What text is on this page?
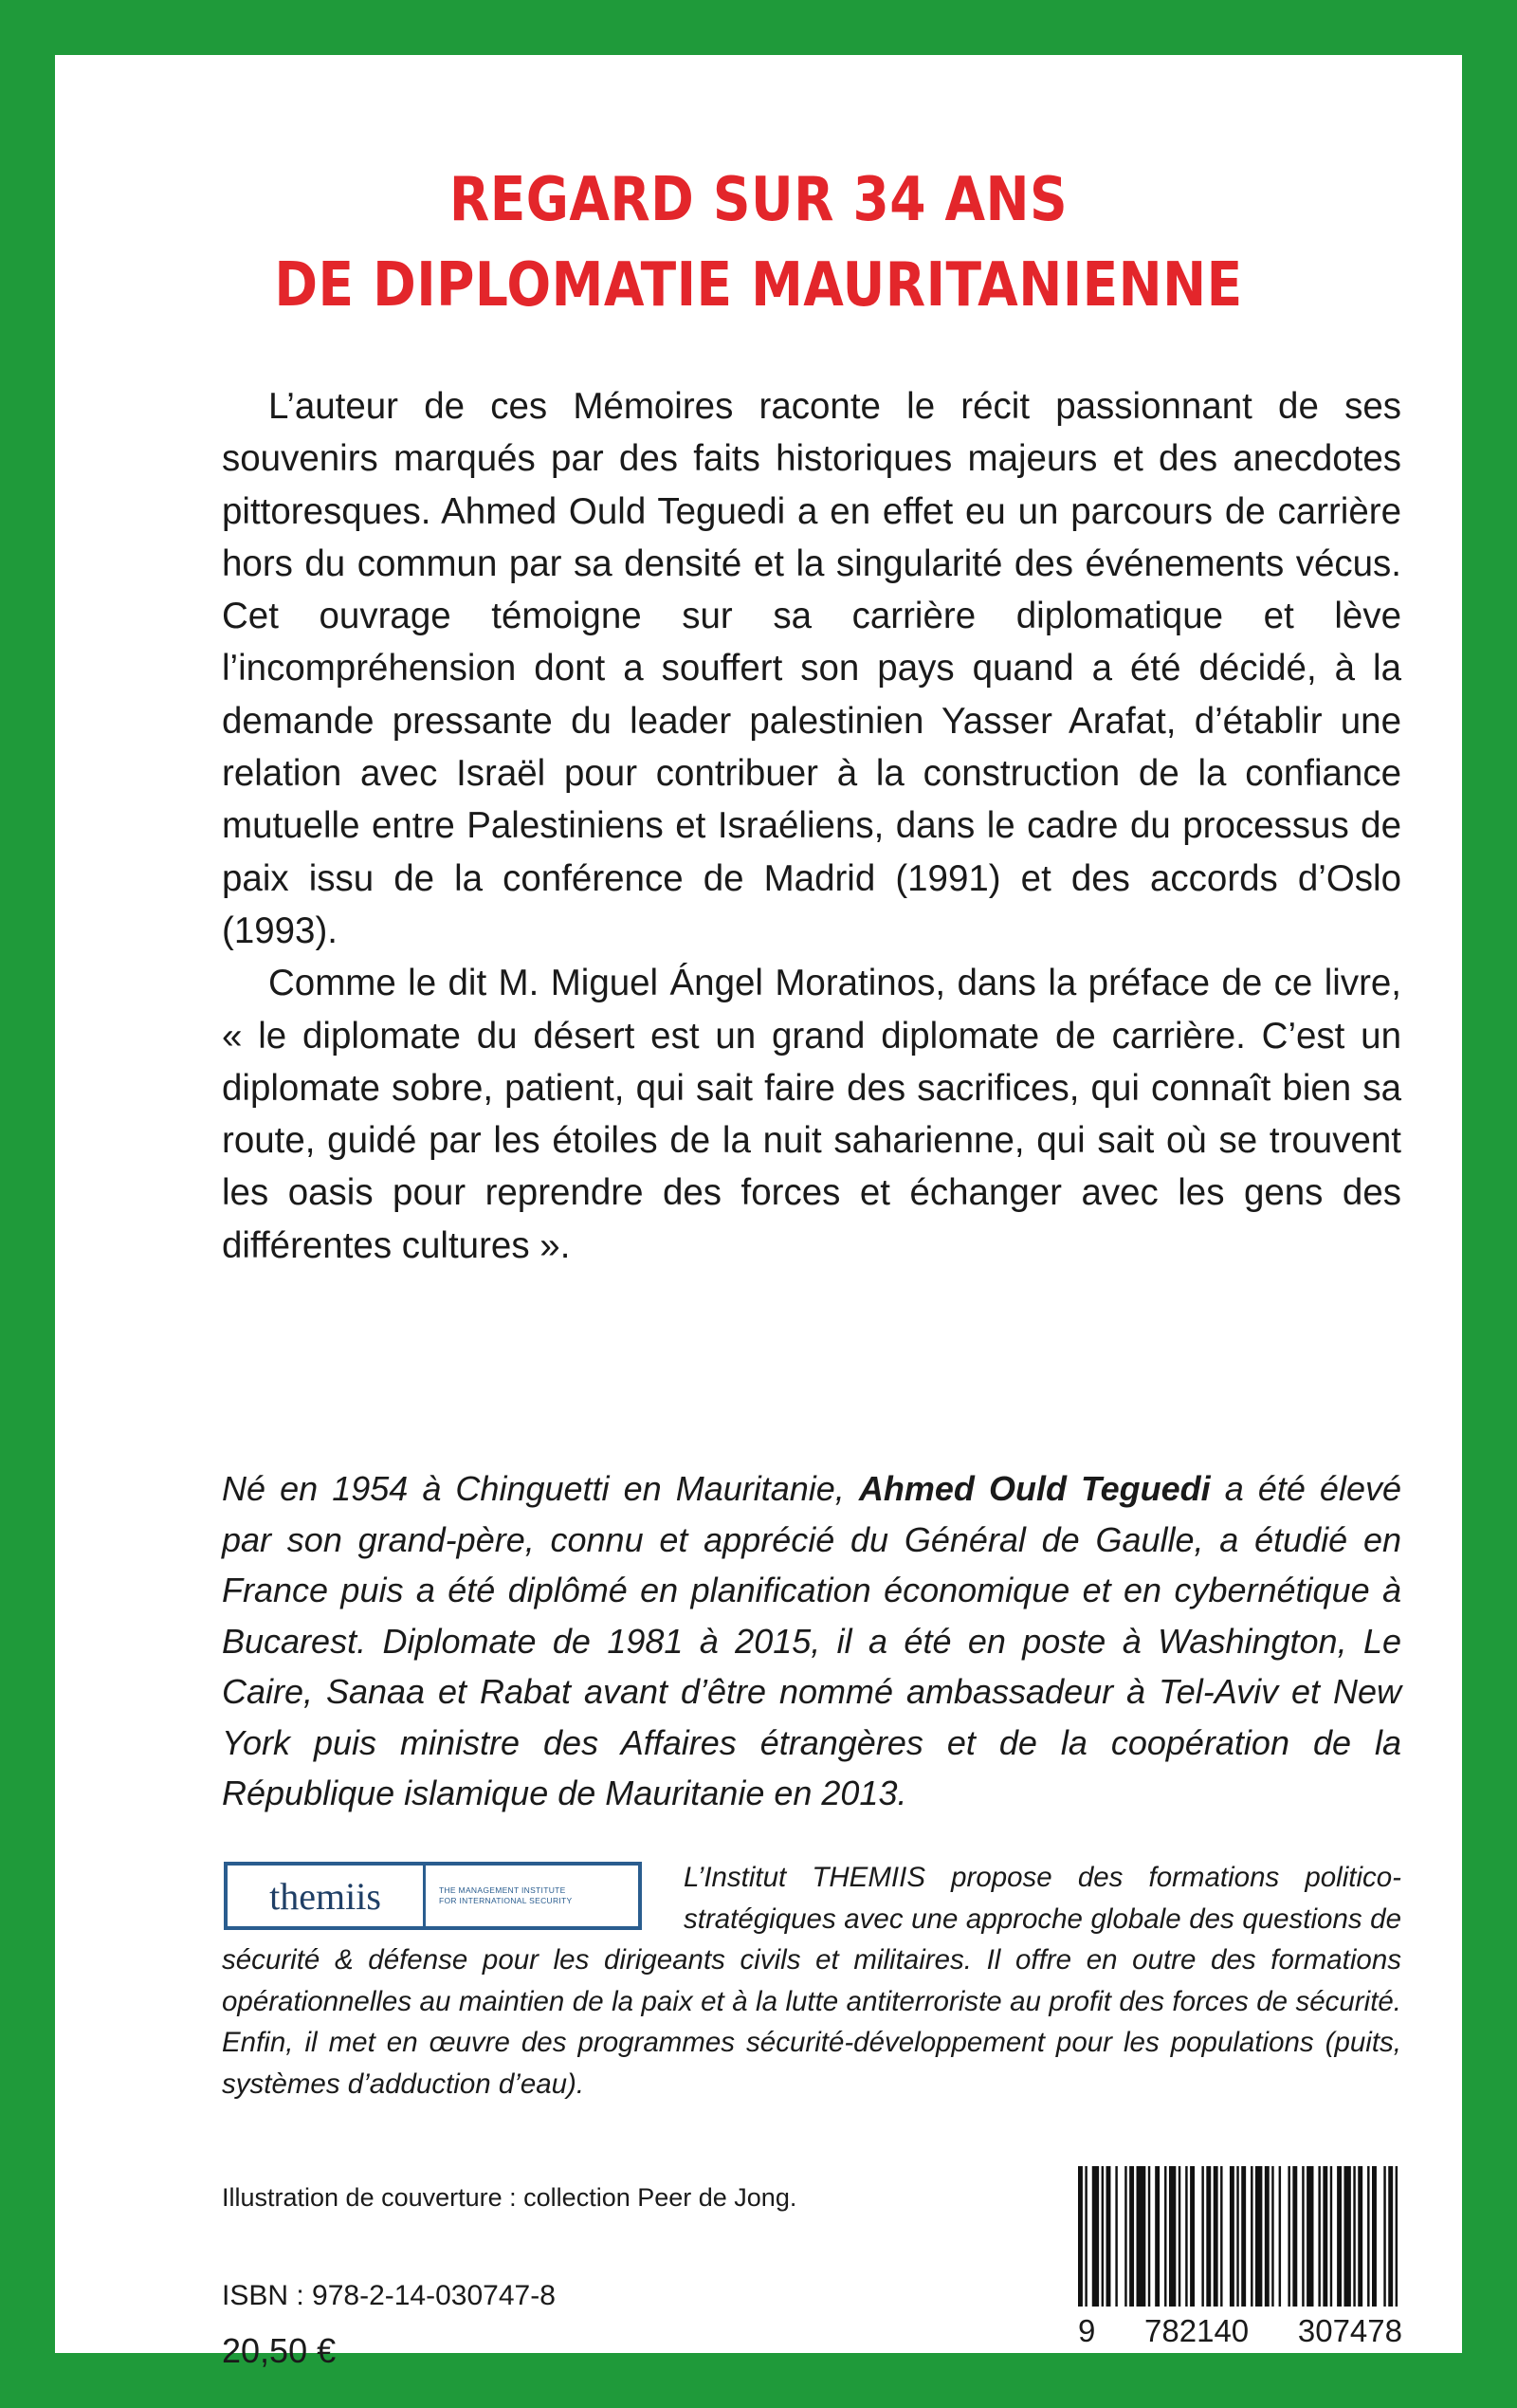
REGARD SUR 34 ANS
DE DIPLOMATIE MAURITANIENNE

L’auteur de ces Mémoires raconte le récit passionnant de ses souvenirs marqués par des faits historiques majeurs et des anecdotes pittoresques. Ahmed Ould Teguedi a en effet eu un parcours de carrière hors du commun par sa densité et la singularité des événements vécus. Cet ouvrage témoigne sur sa carrière diplomatique et lève l’incompréhension dont a souffert son pays quand a été décidé, à la demande pressante du leader palestinien Yasser Arafat, d’établir une relation avec Israël pour contribuer à la construction de la confiance mutuelle entre Palestiniens et Israéliens, dans le cadre du processus de paix issu de la conférence de Madrid (1991) et des accords d’Oslo (1993).

Comme le dit M. Miguel Ángel Moratinos, dans la préface de ce livre, « le diplomate du désert est un grand diplomate de carrière. C’est un diplomate sobre, patient, qui sait faire des sacrifices, qui connaît bien sa route, guidé par les étoiles de la nuit saharienne, qui sait où se trouvent les oasis pour reprendre des forces et échanger avec les gens des différentes cultures ».

Né en 1954 à Chinguetti en Mauritanie, Ahmed Ould Teguedi a été élevé par son grand-père, connu et apprécié du Général de Gaulle, a étudié en France puis a été diplômé en planification économique et en cybernétique à Bucarest. Diplomate de 1981 à 2015, il a été en poste à Washington, Le Caire, Sanaa et Rabat avant d’être nommé ambassadeur à Tel-Aviv et New York puis ministre des Affaires étrangères et de la coopération de la République islamique de Mauritanie en 2013.

L’Institut THEMIIS propose des formations politico-stratégiques avec une approche globale des questions de sécurité & défense pour les dirigeants civils et militaires. Il offre en outre des formations opérationnelles au maintien de la paix et à la lutte antiterroriste au profit des forces de sécurité. Enfin, il met en œuvre des programmes sécurité-développement pour les populations (puits, systèmes d’adduction d’eau).

themiis	THE MANAGEMENT INSTITUTE
FOR INTERNATIONAL SECURITY
Illustration de couverture : collection Peer de Jong.
ISBN : 978-2-14-030747-8
20,50 €
9 782140 307478
